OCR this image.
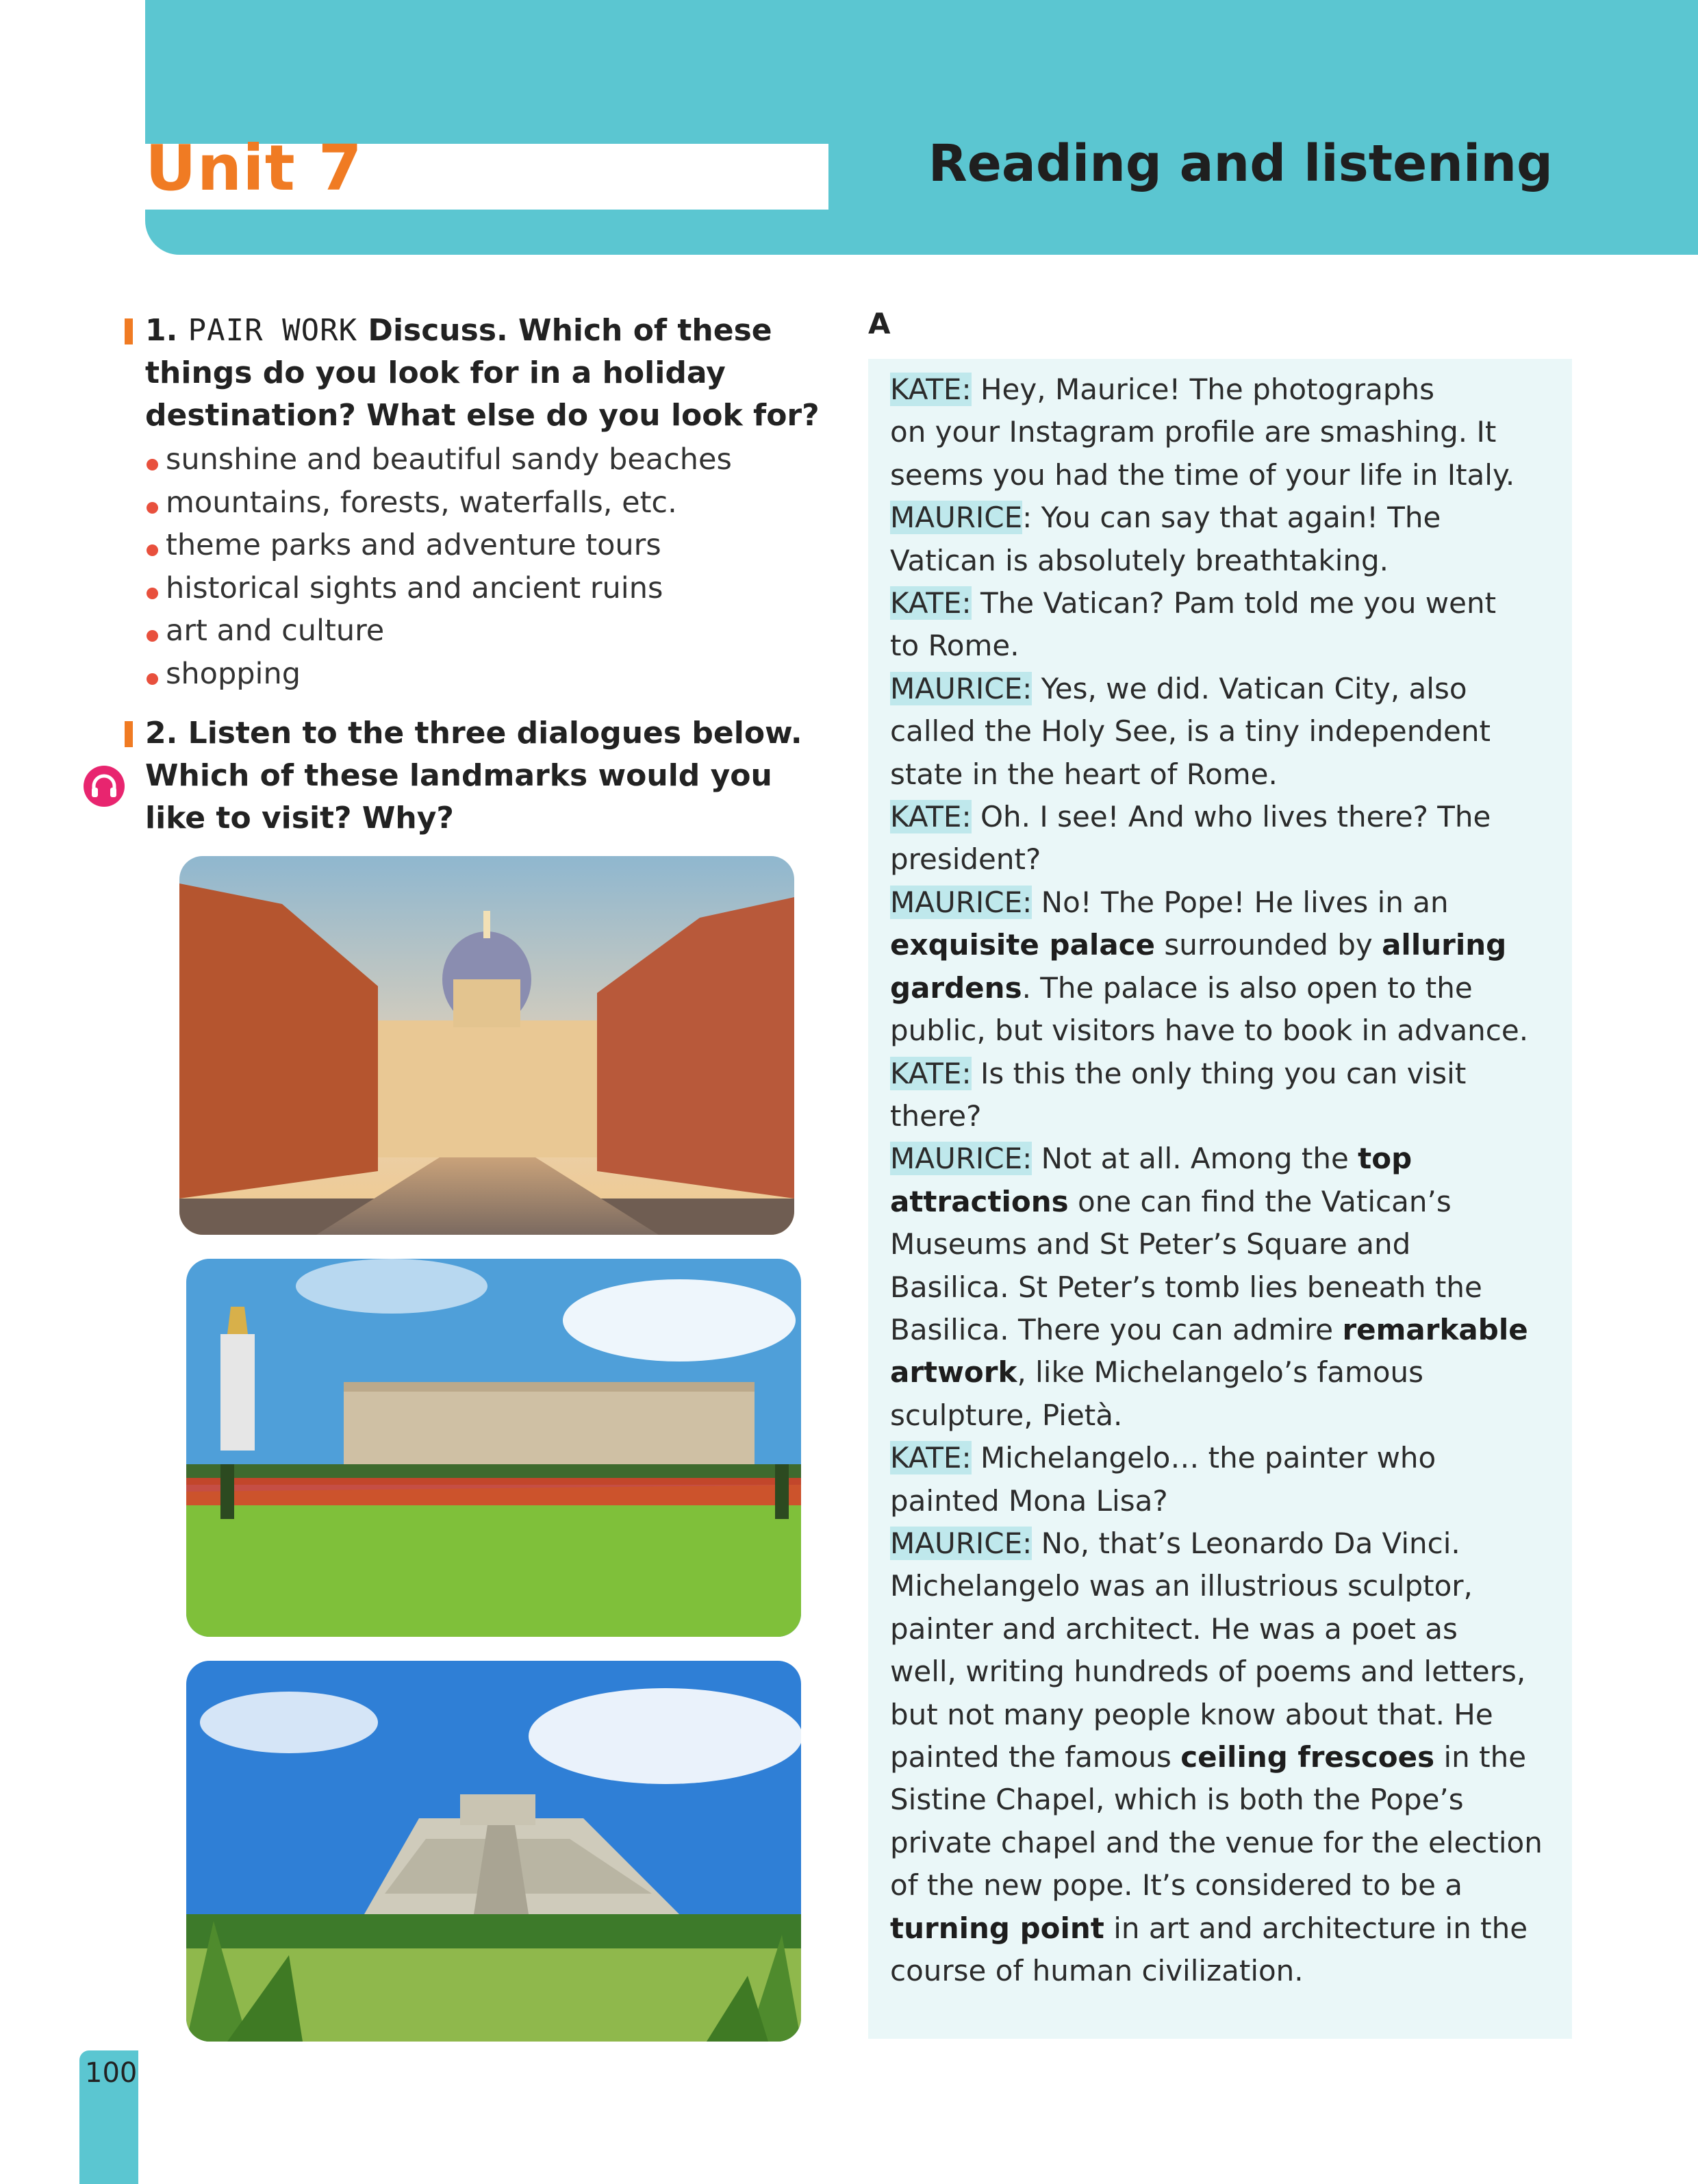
Unit 7	Reading and listening
1. PAIR WORK Discuss. Which of these things do you look for in a holiday destination? What else do you look for?
sunshine and beautiful sandy beaches
mountains, forests, waterfalls, etc.
theme parks and adventure tours
historical sights and ancient ruins
art and culture
shopping
2. Listen to the three dialogues below. Which of these landmarks would you like to visit? Why?
A
KATE: Hey, Maurice! The photographs
on your Instagram profile are smashing. It
seems you had the time of your life in Italy.
MAURICE: You can say that again! The
Vatican is absolutely breathtaking.
KATE: The Vatican? Pam told me you went
to Rome.
MAURICE: Yes, we did. Vatican City, also
called the Holy See, is a tiny independent
state in the heart of Rome.
KATE: Oh. I see! And who lives there? The
president?
MAURICE: No! The Pope! He lives in an
exquisite palace surrounded by alluring
gardens. The palace is also open to the
public, but visitors have to book in advance.
KATE: Is this the only thing you can visit
there?
MAURICE: Not at all. Among the top
attractions one can find the Vatican’s
Museums and St Peter’s Square and
Basilica. St Peter’s tomb lies beneath the
Basilica. There you can admire remarkable
artwork, like Michelangelo’s famous
sculpture, Pietà.
KATE: Michelangelo… the painter who
painted Mona Lisa?
MAURICE: No, that’s Leonardo Da Vinci.
Michelangelo was an illustrious sculptor,
painter and architect. He was a poet as
well, writing hundreds of poems and letters,
but not many people know about that. He
painted the famous ceiling frescoes in the
Sistine Chapel, which is both the Pope’s
private chapel and the venue for the election
of the new pope. It’s considered to be a
turning point in art and architecture in the
course of human civilization.
100
